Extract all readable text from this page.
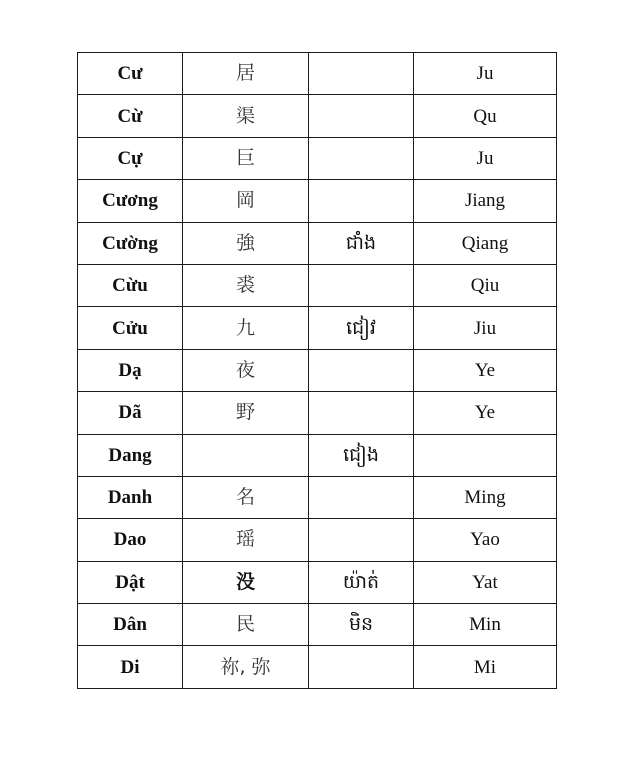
Cư	居		Ju
Cừ	渠		Qu
Cự	巨		Ju
Cương	岡		Jiang
Cường	強	ជាំង	Qiang
Cừu	裘		Qiu
Cửu	九	ជៀវ	Jiu
Dạ	夜		Ye
Dã	野		Ye
Dang		ជៀង	
Danh	名		Ming
Dao	瑶		Yao
Dật	没	យ៉ាត់	Yat
Dân	民	មិន	Min
Di	祢, 弥		Mi
